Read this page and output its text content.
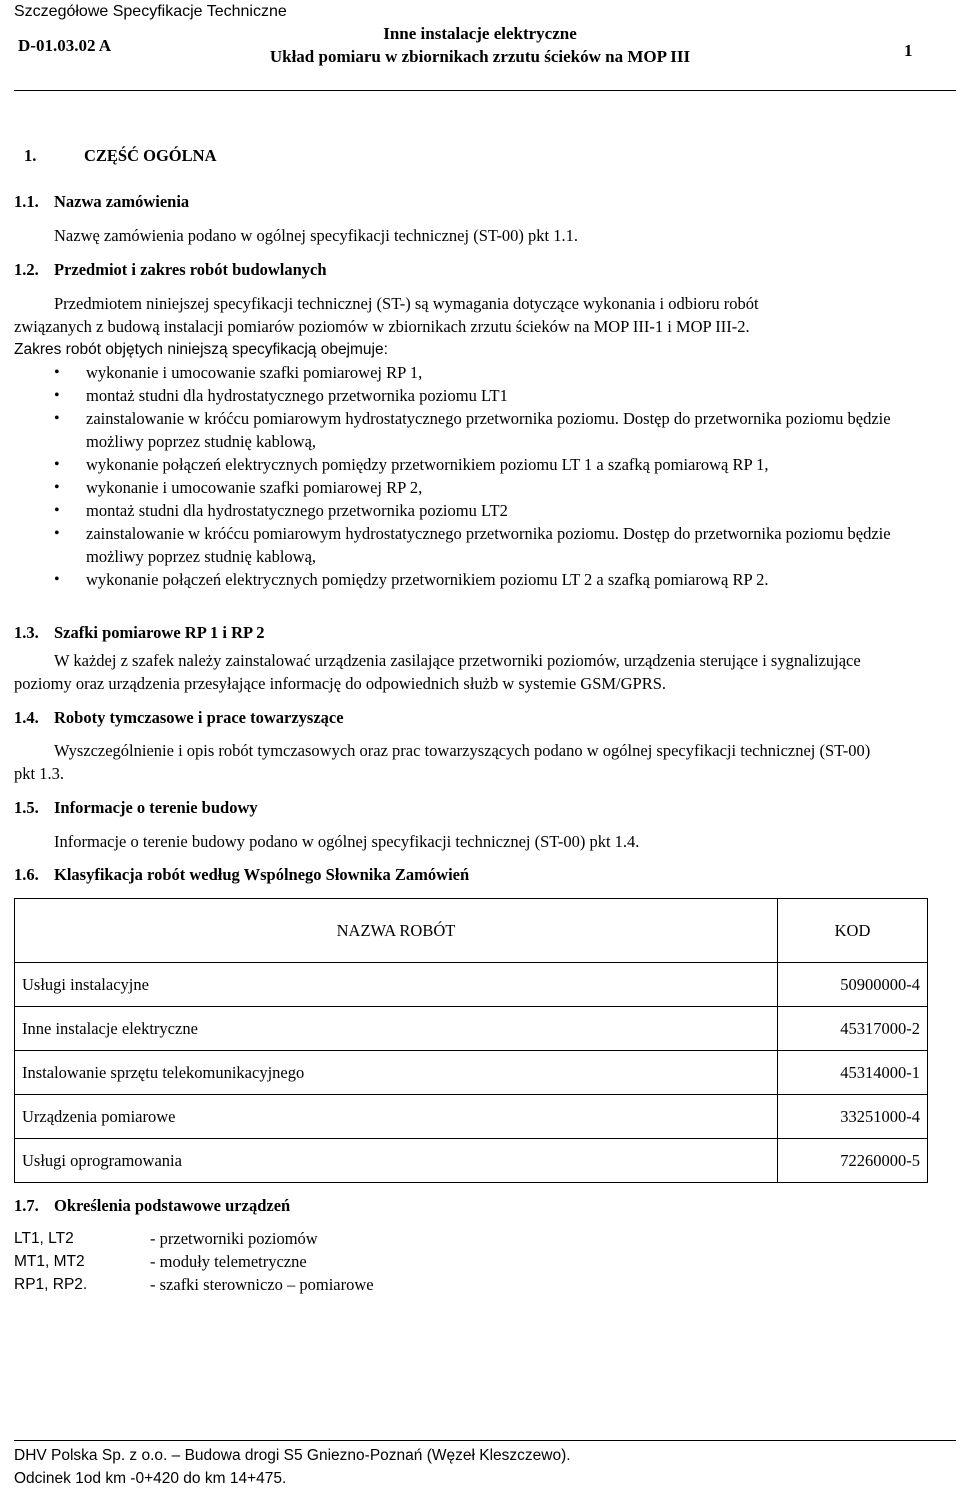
Szczegółowe Specyfikacje Techniczne
D-01.03.02 A
Inne instalacje elektryczne
Układ pomiaru w zbiornikach zrzutu ścieków na MOP III	1
1.	CZĘŚĆ OGÓLNA
1.1. Nazwa zamówienia
Nazwę zamówienia podano w ogólnej specyfikacji technicznej (ST-00) pkt 1.1.
1.2. Przedmiot i zakres robót budowlanych
Przedmiotem niniejszej specyfikacji technicznej (ST-) są wymagania dotyczące wykonania i odbioru robót
związanych z budową instalacji pomiarów poziomów w zbiornikach zrzutu ścieków na MOP III-1 i MOP III-2.
Zakres robót objętych niniejszą specyfikacją obejmuje:
• wykonanie i umocowanie szafki pomiarowej RP 1,
• montaż studni dla hydrostatycznego przetwornika poziomu LT1
• zainstalowanie w króćcu pomiarowym hydrostatycznego przetwornika poziomu. Dostęp do przetwornika poziomu będzie możliwy poprzez studnię kablową,
• wykonanie połączeń elektrycznych pomiędzy przetwornikiem poziomu LT 1 a szafką pomiarową RP 1,
• wykonanie i umocowanie szafki pomiarowej RP 2,
• montaż studni dla hydrostatycznego przetwornika poziomu LT2
• zainstalowanie w króćcu pomiarowym hydrostatycznego przetwornika poziomu. Dostęp do przetwornika poziomu będzie możliwy poprzez studnię kablową,
• wykonanie połączeń elektrycznych pomiędzy przetwornikiem poziomu LT 2 a szafką pomiarową RP 2.
1.3. Szafki pomiarowe RP 1 i RP 2
W każdej z szafek należy zainstalować urządzenia zasilające przetworniki poziomów, urządzenia sterujące i sygnalizujące poziomy oraz urządzenia przesyłające informację do odpowiednich służb w systemie GSM/GPRS.
1.4. Roboty tymczasowe i prace towarzyszące
Wyszczególnienie i opis robót tymczasowych oraz prac towarzyszących podano w ogólnej specyfikacji technicznej (ST-00) pkt 1.3.
1.5. Informacje o terenie budowy
Informacje o terenie budowy podano w ogólnej specyfikacji technicznej (ST-00) pkt 1.4.
1.6. Klasyfikacja robót według Wspólnego Słownika Zamówień
NAZWA ROBÓT	KOD
Usługi instalacyjne	50900000-4
Inne instalacje elektryczne	45317000-2
Instalowanie sprzętu telekomunikacyjnego	45314000-1
Urządzenia pomiarowe	33251000-4
Usługi oprogramowania	72260000-5
1.7. Określenia podstawowe urządzeń
LT1, LT2	- przetworniki poziomów
MT1, MT2	- moduły telemetryczne
RP1, RP2.	- szafki sterowniczo – pomiarowe
DHV Polska Sp. z o.o. – Budowa drogi S5 Gniezno-Poznań (Węzeł Kleszczewo).
Odcinek 1od km -0+420 do km 14+475.
